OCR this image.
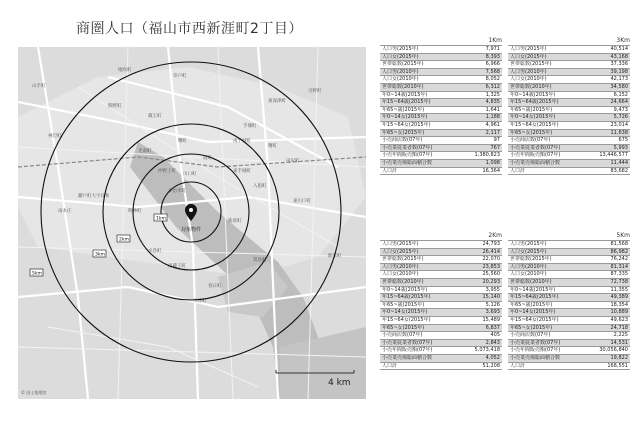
商圏人口（福山市西新涯町2丁目）
山手町
地吹町
草戸町
南手城町
手城町
曙町
蔵王町
東深津町
水呑町
瀬戸町大字長和
新涯町
引野町
箕島町
田尻町
多治米町
川口町
光南町
沖野上町
神辺町
駅家町
春日町
南蔵王町
東手城町
東川口町
入船町
霞町
南本庄	明神町
曙町
水呑町
熊野町
1km
2km
3km
5km
対象物件
4 km
© 国土地理院
1Km
人口男(2015年)	7,971
人口女(2015年)	8,393
世帯総数(2015年)	6,966
人口男(2010年)	7,568
人口女(2010年)	8,052
世帯総数(2010年)	6,312
年0~14歳(2015年)	1,325
年15~64歳(2015年)	4,835
年65~歳(2015年)	1,641
年0~14女(2015年)	1,188
年15~64女(2015年)	4,961
年65~女(2015年)	2,117
小売商店数(07年)	97
小売業従業者数(07年)	767
小売年間販売額(07年)	1,380,823
小売業売場総面積合数	1,098
人口計	16,364
3Km
人口男(2015年)	40,514
人口女(2015年)	43,168
世帯総数(2015年)	37,336
人口男(2010年)	39,198
人口女(2010年)	42,173
世帯総数(2010年)	34,580
年0~14歳(2015年)	6,152
年15~64歳(2015年)	24,664
年65~歳(2015年)	9,473
年0~14女(2015年)	5,726
年15~64女(2015年)	23,014
年65~女(2015年)	11,638
小売商店数(07年)	675
小売業従業者数(07年)	5,993
小売年間販売額(07年)	13,446,577
小売業売場総面積合数	11,444
人口計	83,682
2Km
人口男(2015年)	24,793
人口女(2015年)	26,414
世帯総数(2015年)	22,070
人口男(2010年)	23,853
人口女(2010年)	25,560
世帯総数(2010年)	20,293
年0~14歳(2015年)	3,955
年15~64歳(2015年)	15,140
年65~歳(2015年)	5,126
年0~14女(2015年)	3,693
年15~64女(2015年)	15,489
年65~女(2015年)	6,837
小売商店数(07年)	405
小売業従業者数(07年)	2,843
小売年間販売額(07年)	5,073,418
小売業売場総面積合数	4,052
人口計	51,208
5Km
人口男(2015年)	81,568
人口女(2015年)	86,982
世帯総数(2015年)	76,242
人口男(2010年)	81,314
人口女(2010年)	87,335
世帯総数(2010年)	72,738
年0~14歳(2015年)	11,355
年15~64歳(2015年)	49,389
年65~歳(2015年)	18,354
年0~14女(2015年)	10,889
年15~64女(2015年)	49,623
年65~女(2015年)	24,718
小売商店数(07年)	2,225
小売業従業者数(07年)	14,531
小売年間販売額(07年)	30,056,840
小売業売場総面積合数	19,822
人口計	168,551
